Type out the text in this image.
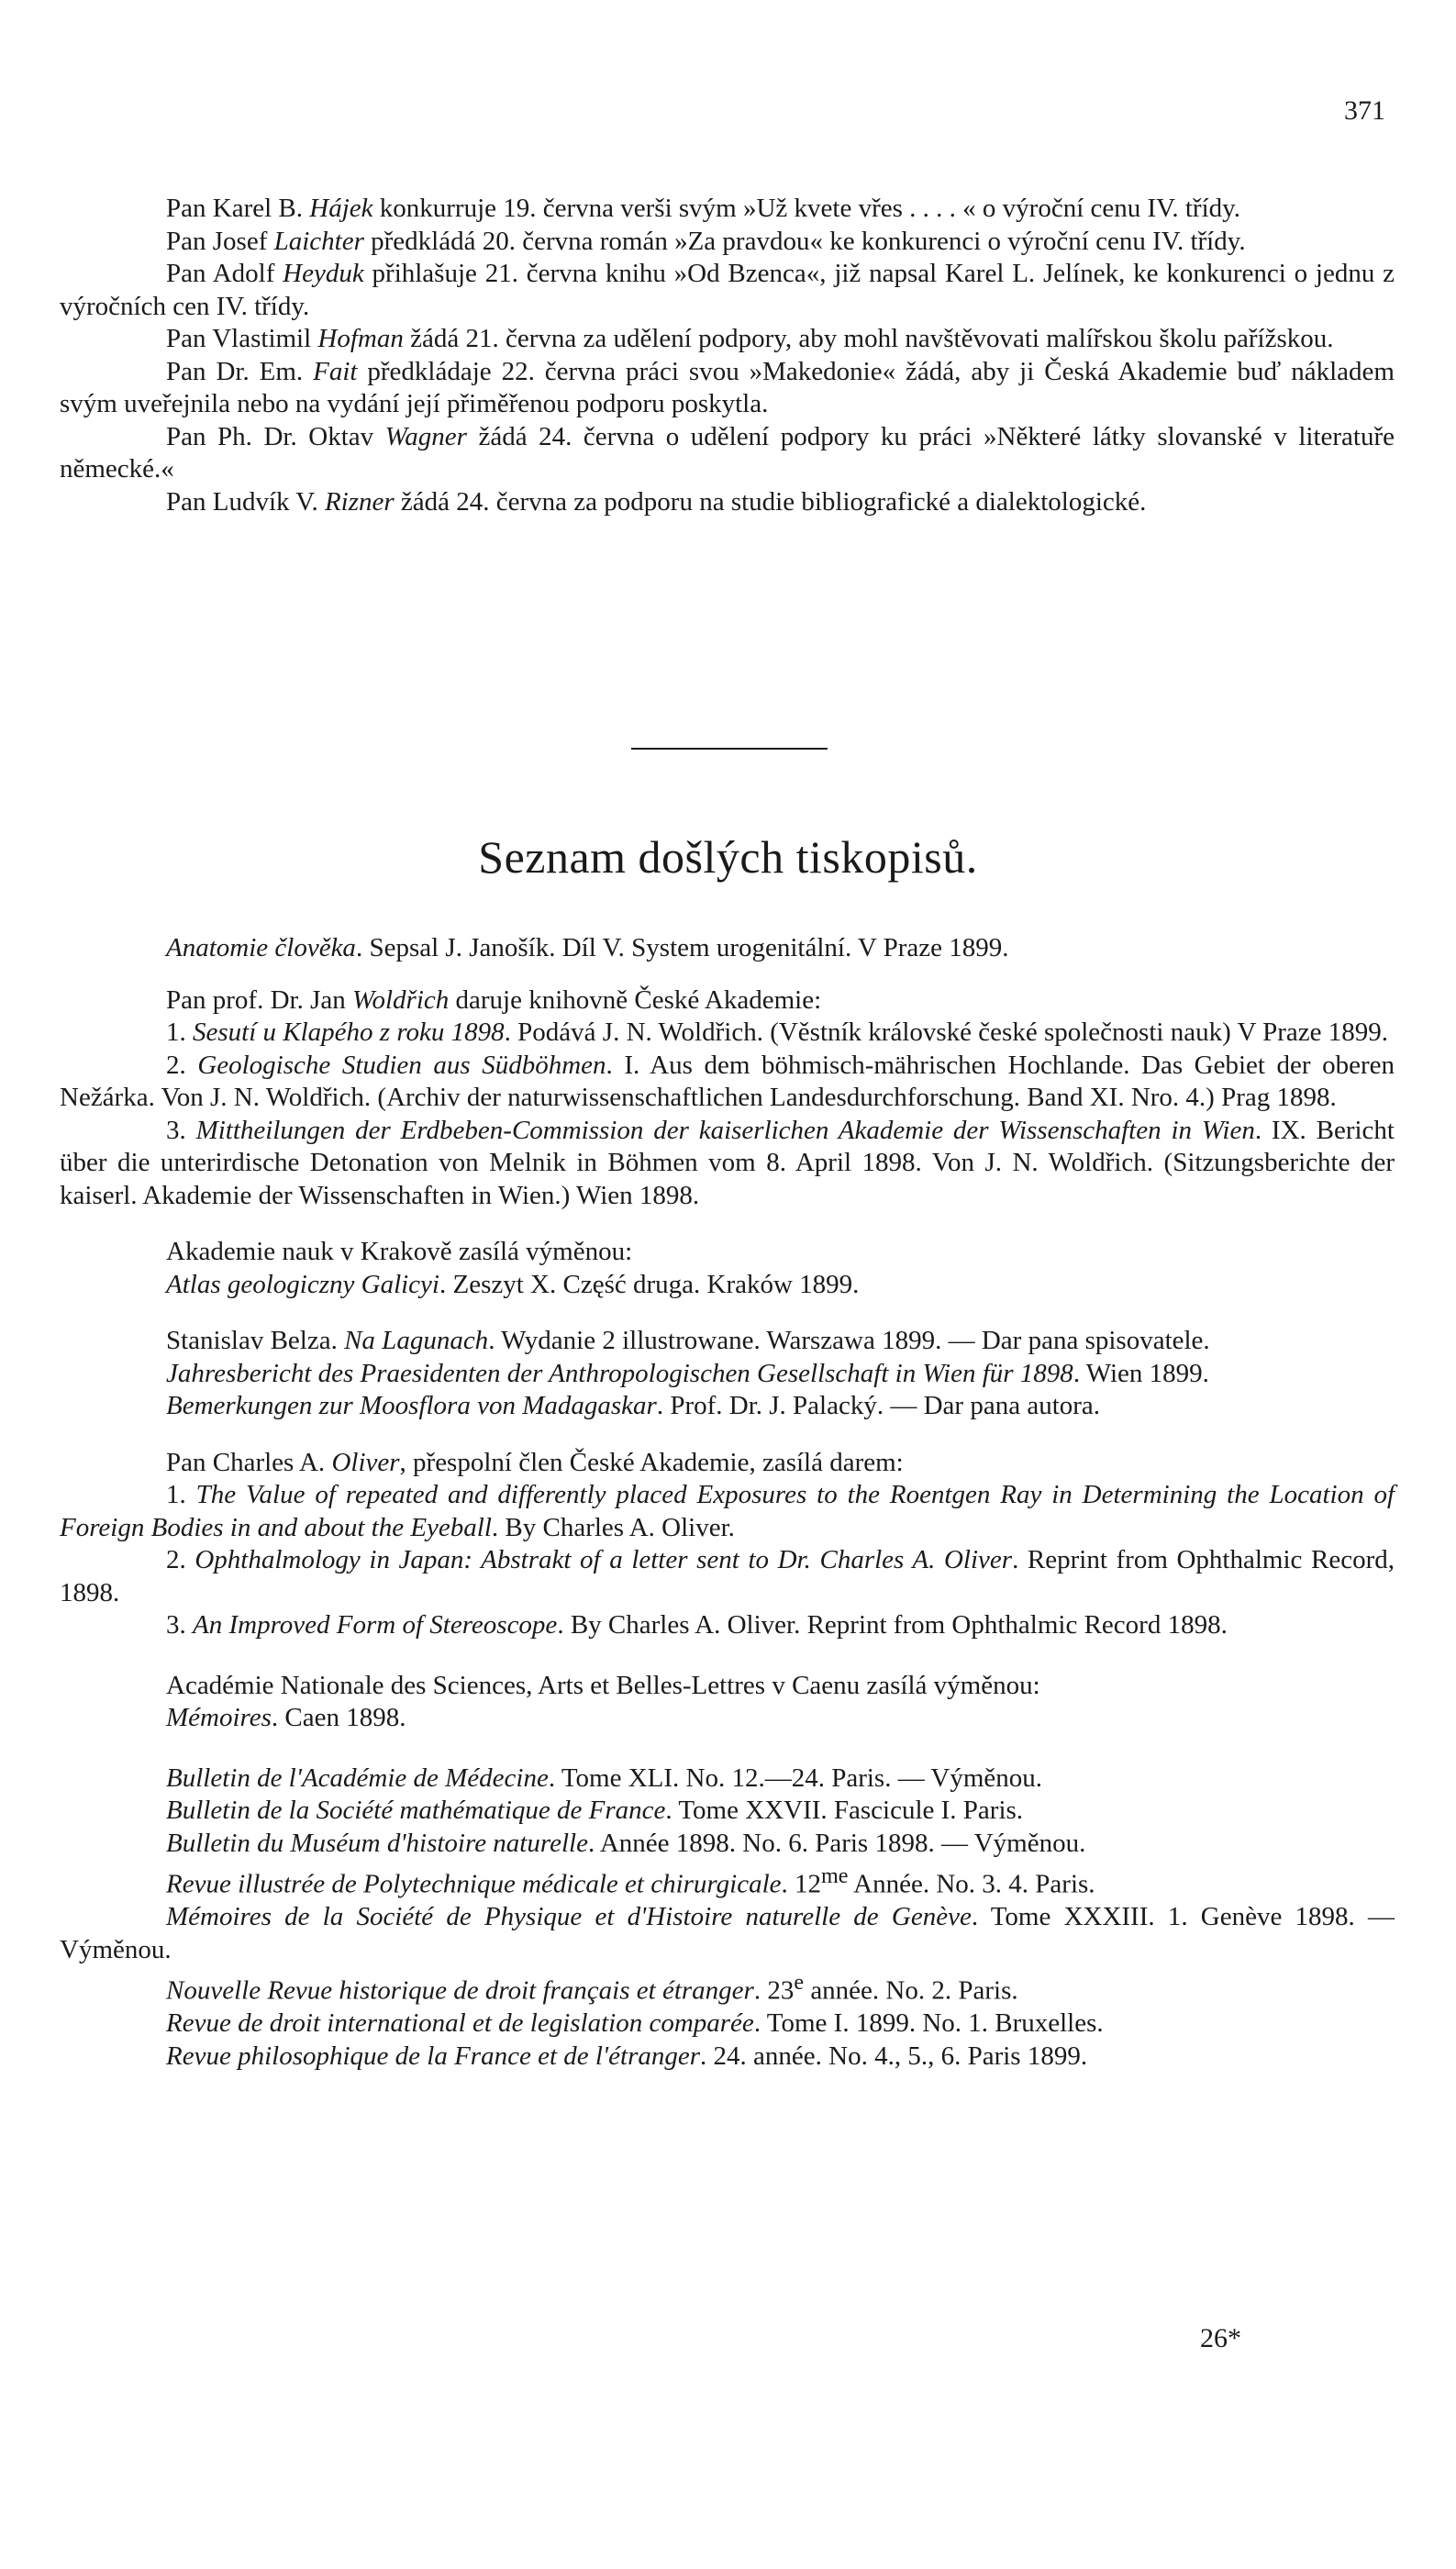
371

Pan Karel B. Hájek konkurruje 19. června verši svým »Už kvete vřes . . . . « o výroční cenu IV. třídy.

Pan Josef Laichter předkládá 20. června román »Za pravdou« ke konkurenci o výroční cenu IV. třídy.

Pan Adolf Heyduk přihlašuje 21. června knihu »Od Bzenca«, již napsal Karel L. Jelínek, ke konkurenci o jednu z výročních cen IV. třídy.

Pan Vlastimil Hofman žádá 21. června za udělení podpory, aby mohl navštěvovati malířskou školu pařížskou.

Pan Dr. Em. Fait předkládaje 22. června práci svou »Makedonie« žádá, aby ji Česká Akademie buď nákladem svým uveřejnila nebo na vydání její přiměřenou podporu poskytla.

Pan Ph. Dr. Oktav Wagner žádá 24. června o udělení podpory ku práci »Některé látky slovanské v literatuře německé.«

Pan Ludvík V. Rizner žádá 24. června za podporu na studie bibliografické a dialektologické.

Seznam došlých tiskopisů.

Anatomie člověka. Sepsal J. Janošík. Díl V. System urogenitální. V Praze 1899.

Pan prof. Dr. Jan Woldřich daruje knihovně České Akademie:

1. Sesutí u Klapého z roku 1898. Podává J. N. Woldřich. (Věstník královské české společnosti nauk) V Praze 1899.

2. Geologische Studien aus Südböhmen. I. Aus dem böhmisch-mährischen Hochlande. Das Gebiet der oberen Nežárka. Von J. N. Woldřich. (Archiv der naturwissenschaftlichen Landesdurchforschung. Band XI. Nro. 4.) Prag 1898.

3. Mittheilungen der Erdbeben-Commission der kaiserlichen Akademie der Wissenschaften in Wien. IX. Bericht über die unterirdische Detonation von Melnik in Böhmen vom 8. April 1898. Von J. N. Woldřich. (Sitzungsberichte der kaiserl. Akademie der Wissenschaften in Wien.) Wien 1898.

Akademie nauk v Krakově zasílá výměnou:

Atlas geologiczny Galicyi. Zeszyt X. Część druga. Kraków 1899.

Stanislav Belza. Na Lagunach. Wydanie 2 illustrowane. Warszawa 1899. — Dar pana spisovatele.

Jahresbericht des Praesidenten der Anthropologischen Gesellschaft in Wien für 1898. Wien 1899.

Bemerkungen zur Moosflora von Madagaskar. Prof. Dr. J. Palacký. — Dar pana autora.

Pan Charles A. Oliver, přespolní člen České Akademie, zasílá darem:

1. The Value of repeated and differently placed Exposures to the Roentgen Ray in Determining the Location of Foreign Bodies in and about the Eyeball. By Charles A. Oliver.

2. Ophthalmology in Japan: Abstrakt of a letter sent to Dr. Charles A. Oliver. Reprint from Ophthalmic Record, 1898.

3. An Improved Form of Stereoscope. By Charles A. Oliver. Reprint from Ophthalmic Record 1898.

Académie Nationale des Sciences, Arts et Belles-Lettres v Caenu zasílá výměnou:

Mémoires. Caen 1898.

Bulletin de l'Académie de Médecine. Tome XLI. No. 12.—24. Paris. — Výměnou.

Bulletin de la Société mathématique de France. Tome XXVII. Fascicule I. Paris.

Bulletin du Muséum d'histoire naturelle. Année 1898. No. 6. Paris 1898. — Výměnou.

Revue illustrée de Polytechnique médicale et chirurgicale. $12^{me}$ Année. No. 3. 4. Paris.

Mémoires de la Société de Physique et d'Histoire naturelle de Genève. Tome XXXIII. 1. Genève 1898. — Výměnou.

Nouvelle Revue historique de droit français et étranger. 23e année. No. 2. Paris.

Revue de droit international et de legislation comparée. Tome I. 1899. No. 1. Bruxelles.

Revue philosophique de la France et de l'étranger. 24. année. No. 4., 5., 6. Paris 1899.

26*
